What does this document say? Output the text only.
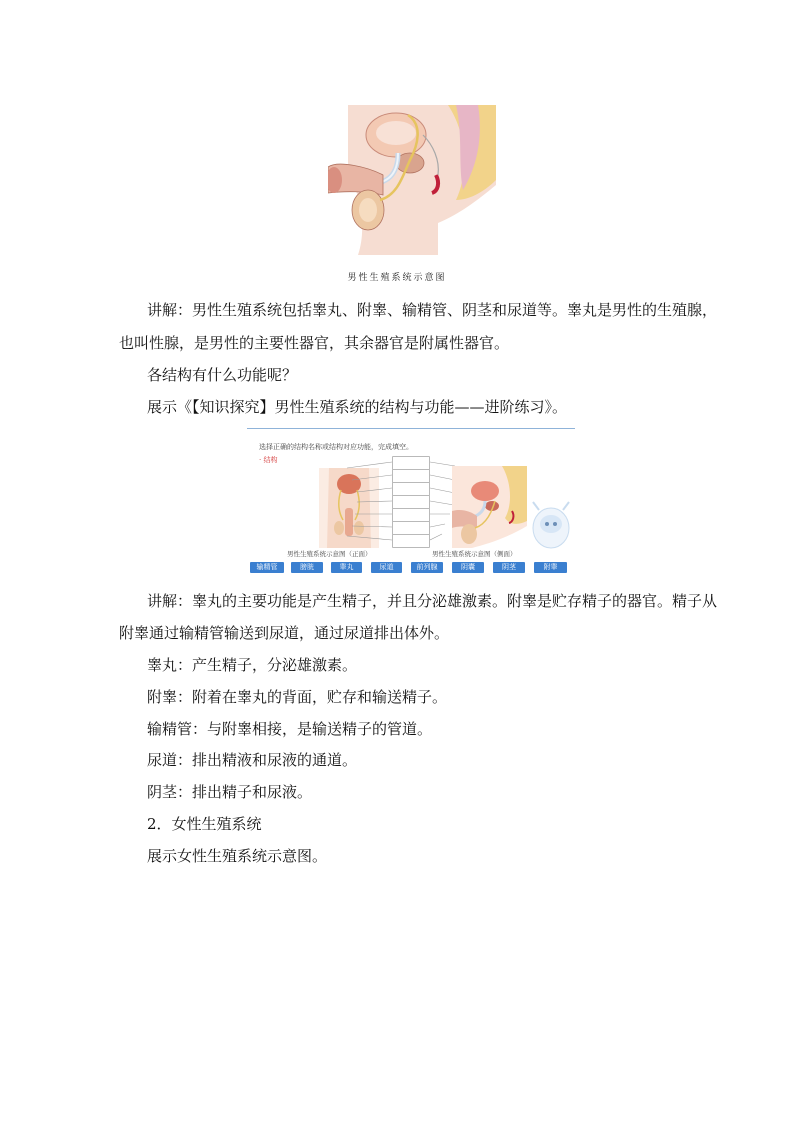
男性生殖系统示意图
讲解：男性生殖系统包括睾丸、附睾、输精管、阴茎和尿道等。睾丸是男性的生殖腺，
也叫性腺，是男性的主要性器官，其余器官是附属性器官。
各结构有什么功能呢？
展示《【知识探究】男性生殖系统的结构与功能——进阶练习》。
选择正确的结构名称或结构对应功能，完成填空。
· 结构
男性生殖系统示意图（正面）	男性生殖系统示意图（侧面）
输精管	膀胱	睾丸	尿道	前列腺	阴囊	阴茎	附睾
讲解：睾丸的主要功能是产生精子，并且分泌雄激素。附睾是贮存精子的器官。精子从
附睾通过输精管输送到尿道，通过尿道排出体外。
睾丸：产生精子，分泌雄激素。
附睾：附着在睾丸的背面，贮存和输送精子。
输精管：与附睾相接，是输送精子的管道。
尿道：排出精液和尿液的通道。
阴茎：排出精子和尿液。
2．女性生殖系统
展示女性生殖系统示意图。
